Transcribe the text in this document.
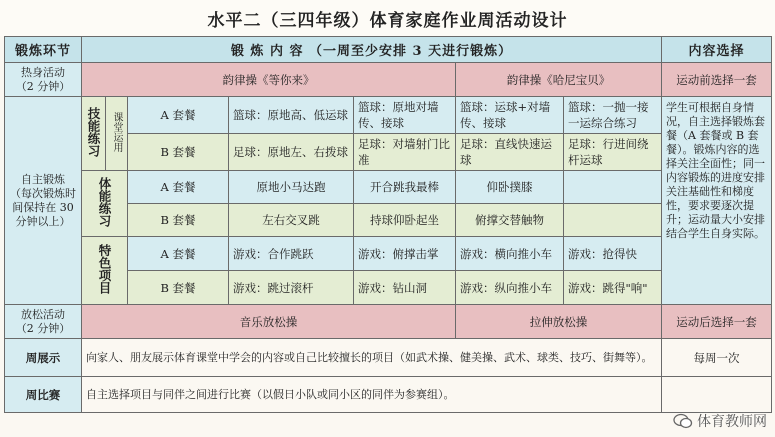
水平二（三四年级）体育家庭作业周活动设计
锻炼环节	锻 炼 内 容 （一周至少安排 3 天进行锻炼）							内容选择
热身活动
（2 分钟）	韵律操《等你来》					韵律操《哈尼宝贝》		运动前选择一套
自主锻炼
（每次锻炼时间保持在 30 分钟以上）	技能练习	课堂运用	A 套餐	篮球：原地高、低运球	篮球：原地对墙传、接球	篮球：运球+对墙传、接球	篮球：一抛一接一运综合练习	学生可根据自身情况，自主选择锻炼套餐（A 套餐或 B 套餐）。锻炼内容的选择关注全面性；同一内容锻炼的进度安排关注基础性和梯度性，要求要逐次提升；运动量大小安排结合学生自身实际。
			B 套餐	足球：原地左、右拨球	足球：对墙射门比准	足球：直线快速运球	足球：行进间绕杆运球	
	体能练习		A 套餐	原地小马达跑	开合跳我最棒	仰卧撲膝		
			B 套餐	左右交叉跳	持球仰卧起坐	俯撑交替触物		
	特色项目		A 套餐	游戏：合作跳跃	游戏：俯撑击掌	游戏：横向推小车	游戏：抢得快	
			B 套餐	游戏：跳过滚杆	游戏：钻山洞	游戏：纵向推小车	游戏：跳得"响"	
放松活动
（2 分钟）	音乐放松操					拉伸放松操		运动后选择一套
周展示	向家人、朋友展示体育课堂中学会的内容或自己比较擅长的项目（如武术操、健美操、武术、球类、技巧、街舞等）。							每周一次
周比赛	自主选择项目与同伴之间进行比赛（以假日小队或同小区的同伴为参赛组）。							
体育教师网
